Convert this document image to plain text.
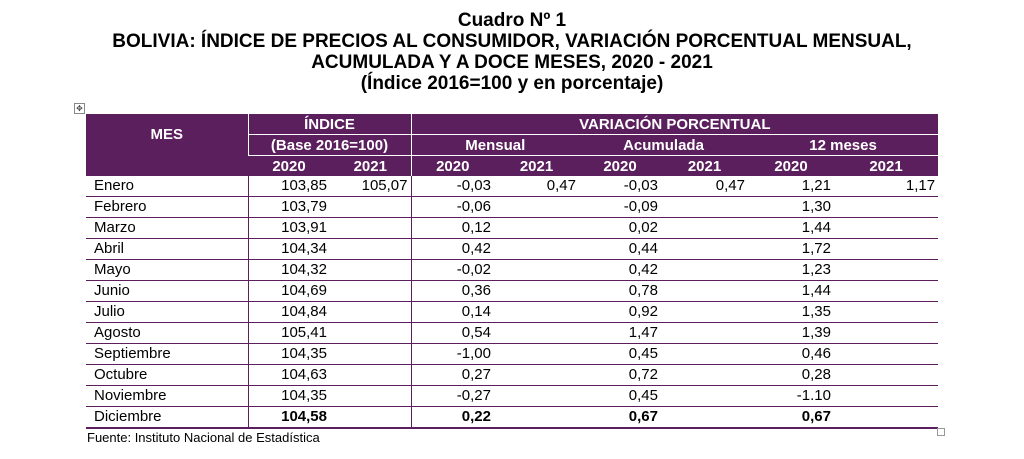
Cuadro Nº 1
BOLIVIA: ÍNDICE DE PRECIOS AL CONSUMIDOR, VARIACIÓN PORCENTUAL MENSUAL,
ACUMULADA Y A DOCE MESES, 2020 - 2021
(Índice 2016=100 y en porcentaje)
✥
MES	ÍNDICE		VARIACIÓN PORCENTUAL					
	(Base 2016=100)		Mensual		Acumulada		12 meses	
	2020	2021	2020	2021	2020	2021	2020	2021
Enero	103,85	105,07	-0,03	0,47	-0,03	0,47	1,21	1,17
Febrero	103,79		-0,06		-0,09		1,30	
Marzo	103,91		0,12		0,02		1,44	
Abril	104,34		0,42		0,44		1,72	
Mayo	104,32		-0,02		0,42		1,23	
Junio	104,69		0,36		0,78		1,44	
Julio	104,84		0,14		0,92		1,35	
Agosto	105,41		0,54		1,47		1,39	
Septiembre	104,35		-1,00		0,45		0,46	
Octubre	104,63		0,27		0,72		0,28	
Noviembre	104,35		-0,27		0,45		-1.10	
Diciembre	104,58		0,22		0,67		0,67	
Fuente: Instituto Nacional de Estadística
